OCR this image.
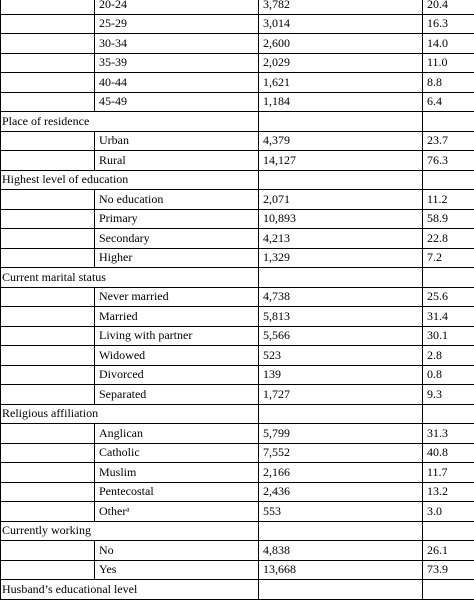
	20-24	3,782	20.4
	25-29	3,014	16.3
	30-34	2,600	14.0
	35-39	2,029	11.0
	40-44	1,621	8.8
	45-49	1,184	6.4
Place of residence			
	Urban	4,379	23.7
	Rural	14,127	76.3
Highest level of education			
	No education	2,071	11.2
	Primary	10,893	58.9
	Secondary	4,213	22.8
	Higher	1,329	7.2
Current marital status			
	Never married	4,738	25.6
	Married	5,813	31.4
	Living with partner	5,566	30.1
	Widowed	523	2.8
	Divorced	139	0.8
	Separated	1,727	9.3
Religious affiliation			
	Anglican	5,799	31.3
	Catholic	7,552	40.8
	Muslim	2,166	11.7
	Pentecostal	2,436	13.2
	Otherᵃ	553	3.0
Currently working			
	No	4,838	26.1
	Yes	13,668	73.9
Husband’s educational level			
